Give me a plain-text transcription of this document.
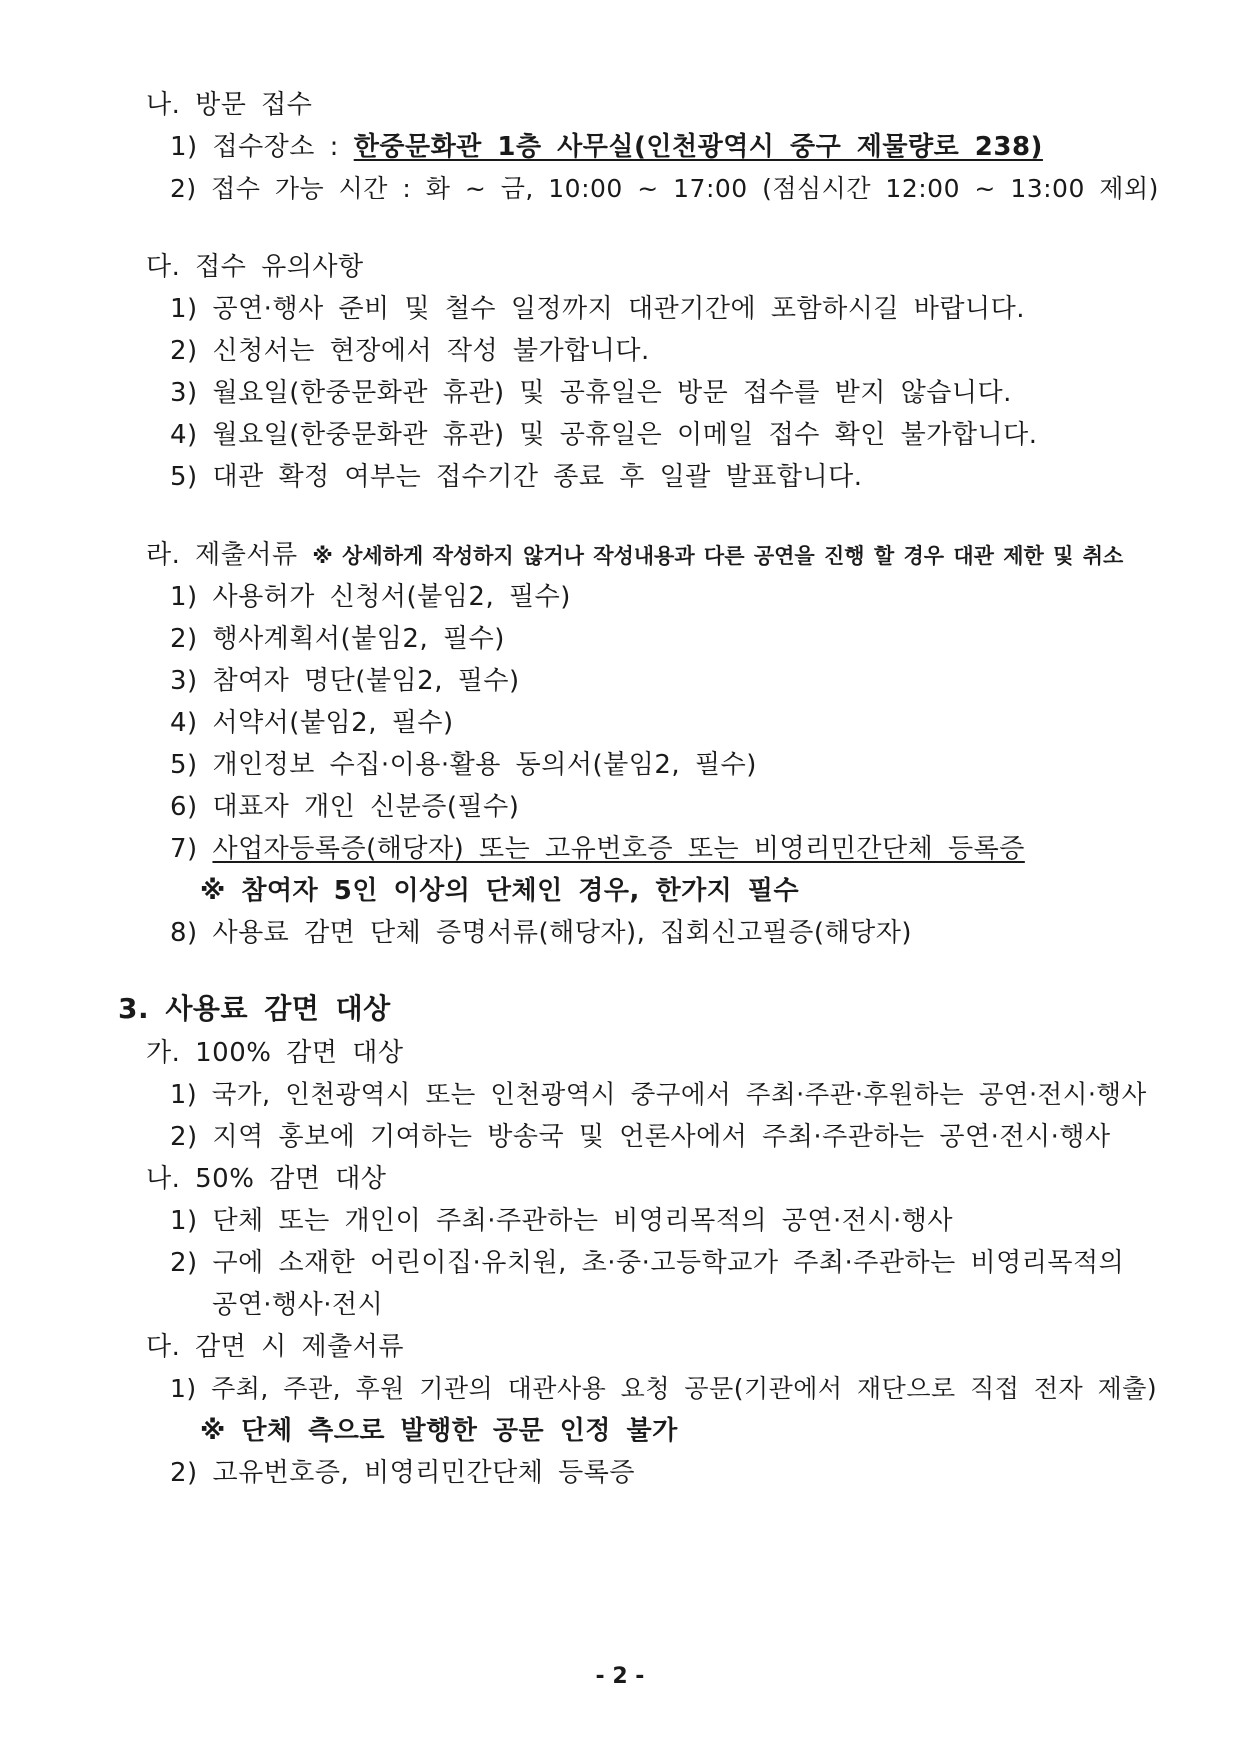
나. 방문 접수
1) 접수장소 : 한중문화관 1층 사무실(인천광역시 중구 제물량로 238)
2) 접수 가능 시간 : 화 ~ 금, 10:00 ~ 17:00 (점심시간 12:00 ~ 13:00 제외)
다. 접수 유의사항
1) 공연·행사 준비 및 철수 일정까지 대관기간에 포함하시길 바랍니다.
2) 신청서는 현장에서 작성 불가합니다.
3) 월요일(한중문화관 휴관) 및 공휴일은 방문 접수를 받지 않습니다.
4) 월요일(한중문화관 휴관) 및 공휴일은 이메일 접수 확인 불가합니다.
5) 대관 확정 여부는 접수기간 종료 후 일괄 발표합니다.
라. 제출서류 ※ 상세하게 작성하지 않거나 작성내용과 다른 공연을 진행 할 경우 대관 제한 및 취소
1) 사용허가 신청서(붙임2, 필수)
2) 행사계획서(붙임2, 필수)
3) 참여자 명단(붙임2, 필수)
4) 서약서(붙임2, 필수)
5) 개인정보 수집·이용·활용 동의서(붙임2, 필수)
6) 대표자 개인 신분증(필수)
7) 사업자등록증(해당자) 또는 고유번호증 또는 비영리민간단체 등록증
※ 참여자 5인 이상의 단체인 경우, 한가지 필수
8) 사용료 감면 단체 증명서류(해당자), 집회신고필증(해당자)
3. 사용료 감면 대상
가. 100% 감면 대상
1) 국가, 인천광역시 또는 인천광역시 중구에서 주최·주관·후원하는 공연·전시·행사
2) 지역 홍보에 기여하는 방송국 및 언론사에서 주최·주관하는 공연·전시·행사
나. 50% 감면 대상
1) 단체 또는 개인이 주최·주관하는 비영리목적의 공연·전시·행사
2) 구에 소재한 어린이집·유치원, 초·중·고등학교가 주최·주관하는 비영리목적의
공연·행사·전시
다. 감면 시 제출서류
1) 주최, 주관, 후원 기관의 대관사용 요청 공문(기관에서 재단으로 직접 전자 제출)
※ 단체 측으로 발행한 공문 인정 불가
2) 고유번호증, 비영리민간단체 등록증
- 2 -
